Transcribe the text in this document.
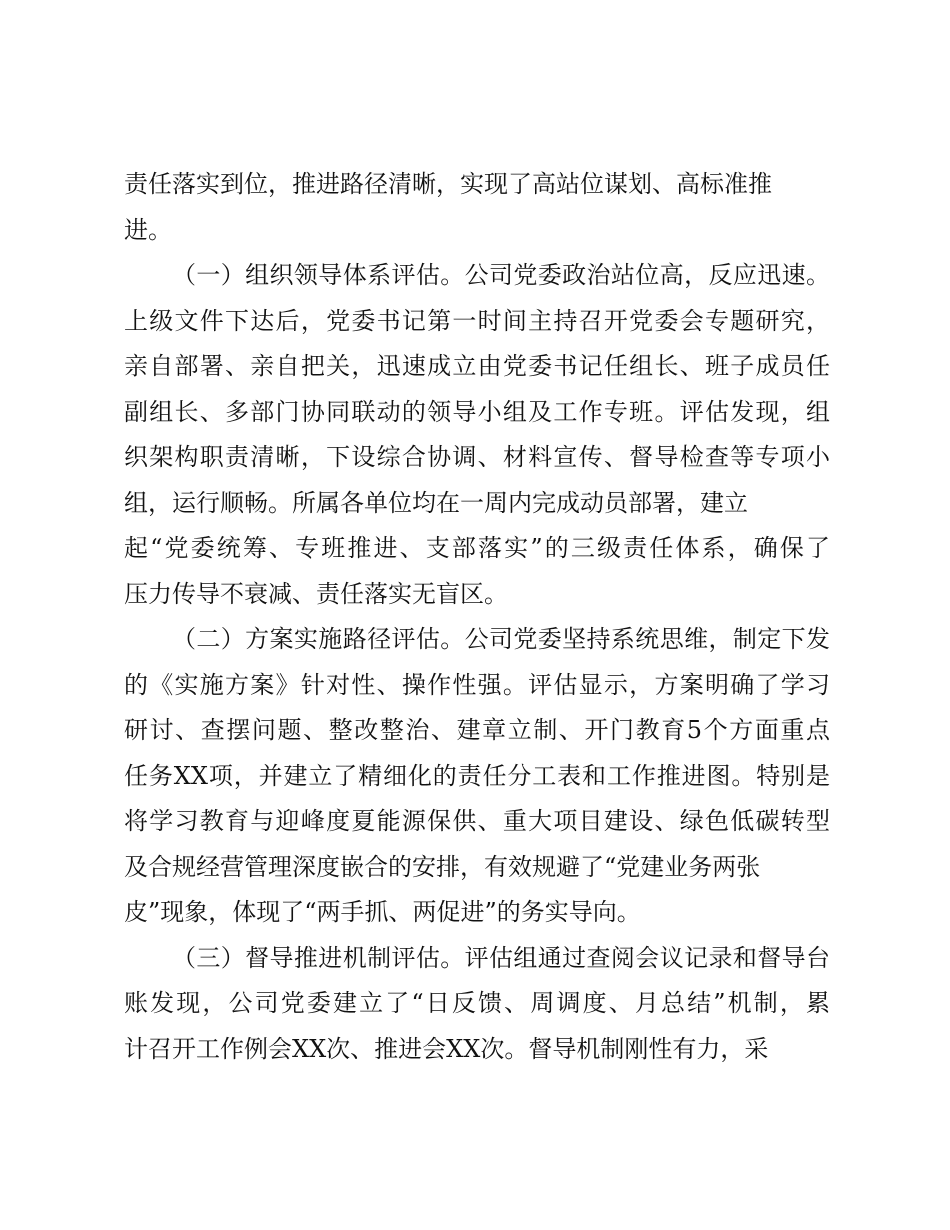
责任落实到位，推进路径清晰，实现了高站位谋划、高标准推
进。
（一）组织领导体系评估。公司党委政治站位高，反应迅速。
上级文件下达后，党委书记第一时间主持召开党委会专题研究，
亲自部署、亲自把关，迅速成立由党委书记任组长、班子成员任
副组长、多部门协同联动的领导小组及工作专班。评估发现，组
织架构职责清晰，下设综合协调、材料宣传、督导检查等专项小
组，运行顺畅。所属各单位均在一周内完成动员部署，建立
起“党委统筹、专班推进、支部落实”的三级责任体系，确保了
压力传导不衰减、责任落实无盲区。
（二）方案实施路径评估。公司党委坚持系统思维，制定下发
的《实施方案》针对性、操作性强。评估显示，方案明确了学习
研讨、查摆问题、整改整治、建章立制、开门教育5个方面重点
任务XX项，并建立了精细化的责任分工表和工作推进图。特别是
将学习教育与迎峰度夏能源保供、重大项目建设、绿色低碳转型
及合规经营管理深度嵌合的安排，有效规避了“党建业务两张
皮”现象，体现了“两手抓、两促进”的务实导向。
（三）督导推进机制评估。评估组通过查阅会议记录和督导台
账发现，公司党委建立了“日反馈、周调度、月总结”机制，累
计召开工作例会XX次、推进会XX次。督导机制刚性有力，采
